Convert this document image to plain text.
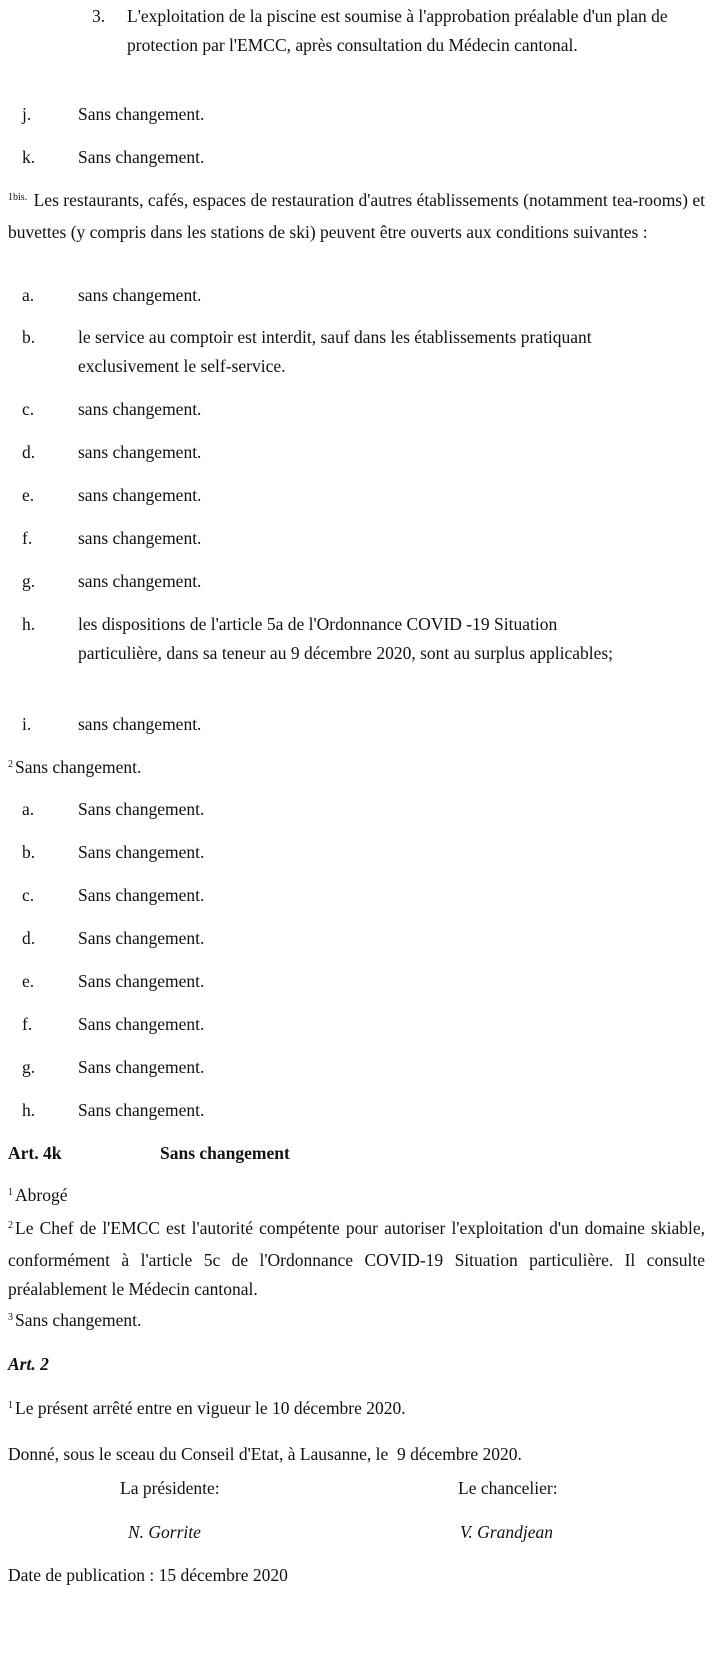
3. L'exploitation de la piscine est soumise à l'approbation préalable d'un plan de protection par l'EMCC, après consultation du Médecin cantonal.
j.	Sans changement.
k. Sans changement.
$^{1bis.}$ Les restaurants, cafés, espaces de restauration d'autres établissements (notamment tea-rooms) et buvettes (y compris dans les stations de ski) peuvent être ouverts aux conditions suivantes :
a.	sans changement.
b. le service au comptoir est interdit, sauf dans les établissements pratiquant exclusivement le self-service.
c.	sans changement.
d. sans changement.
e.	sans changement.
f.	sans changement.
g. sans changement.
h. les dispositions de l'article 5a de l'Ordonnance COVID -19 Situation particulière, dans sa teneur au 9 décembre 2020, sont au surplus applicables;
i.	sans changement.
$^2$ Sans changement.
a.	Sans changement.
b. Sans changement.
c.	Sans changement.
d. Sans changement.
e.	Sans changement.
f.	Sans changement.
g. Sans changement.
h. Sans changement.
Art. 4k	Sans changement
$^1$ Abrogé
$^2$ Le Chef de l'EMCC est l'autorité compétente pour autoriser l'exploitation d'un domaine skiable, conformément à l'article 5c de l'Ordonnance COVID-19 Situation particulière. Il consulte préalablement le Médecin cantonal.
$^3$ Sans changement.
Art. 2
$^1$ Le présent arrêté entre en vigueur le 10 décembre 2020.
Donné, sous le sceau du Conseil d'Etat, à Lausanne, le  9 décembre 2020.
La présidente:	Le chancelier:
N. Gorrite	V. Grandjean
Date de publication : 15 décembre 2020
